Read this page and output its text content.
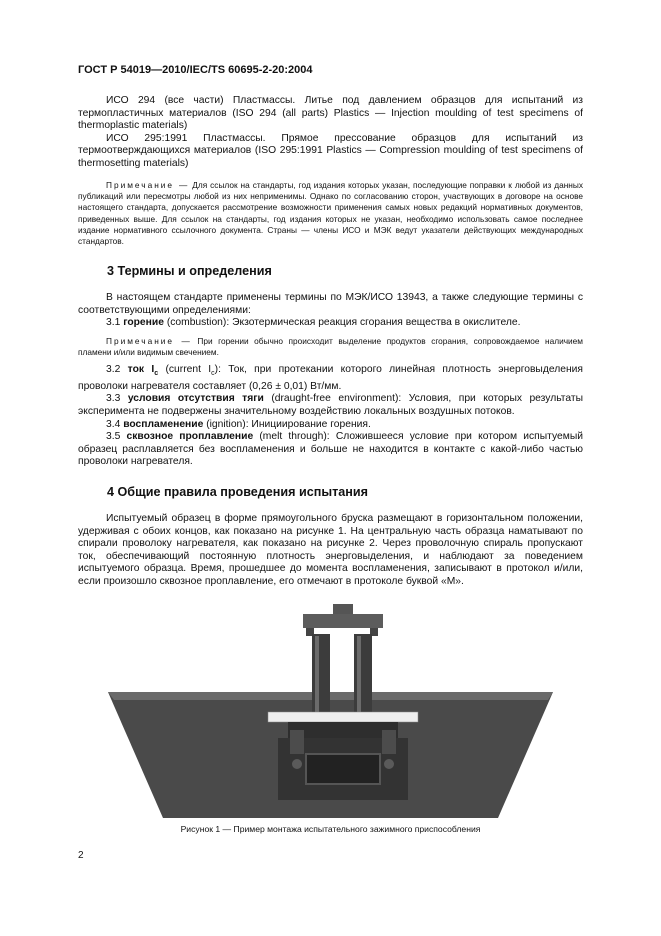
ГОСТ Р 54019—2010/IEC/TS 60695-2-20:2004

ИСО 294 (все части) Пластмассы. Литье под давлением образцов для испытаний из термопластичных материалов (ISO 294 (all parts) Plastics — Injection moulding of test specimens of thermoplastic materials)

ИСО 295:1991 Пластмассы. Прямое прессование образцов для испытаний из термоотверждающихся материалов (ISO 295:1991 Plastics — Compression moulding of test specimens of thermosetting materials)

Примечание — Для ссылок на стандарты, год издания которых указан, последующие поправки к любой из данных публикаций или пересмотры любой из них неприменимы. Однако по согласованию сторон, участвующих в договоре на основе настоящего стандарта, допускается рассмотрение возможности применения самых новых редакций нормативных документов, приведенных выше. Для ссылок на стандарты, год издания которых не указан, необходимо использовать самое последнее издание нормативного ссылочного документа. Страны — члены ИСО и МЭК ведут указатели действующих международных стандартов.

3 Термины и определения

В настоящем стандарте применены термины по МЭК/ИСО 13943, а также следующие термины с соответствующими определениями:

3.1 горение (combustion): Экзотермическая реакция сгорания вещества в окислителе.

Примечание — При горении обычно происходит выделение продуктов сгорания, сопровождаемое наличием пламени и/или видимым свечением.

3.2 ток $I_c$ (current $I_c$): Ток, при протекании которого линейная плотность энерговыделения проволоки нагревателя составляет (0,26 ± 0,01) Вт/мм.

3.3 условия отсутствия тяги (draught-free environment): Условия, при которых результаты эксперимента не подвержены значительному воздействию локальных воздушных потоков.

3.4 воспламенение (ignition): Инициирование горения.

3.5 сквозное проплавление (melt through): Сложившееся условие при котором испытуемый образец расплавляется без воспламенения и больше не находится в контакте с какой-либо частью проволоки нагревателя.

4 Общие правила проведения испытания

Испытуемый образец в форме прямоугольного бруска размещают в горизонтальном положении, удерживая с обоих концов, как показано на рисунке 1. На центральную часть образца наматывают по спирали проволоку нагревателя, как показано на рисунке 2. Через проволочную спираль пропускают ток, обеспечивающий постоянную плотность энерговыделения, и наблюдают за поведением испытуемого образца. Время, прошедшее до момента воспламенения, записывают в протокол и/или, если произошло сквозное проплавление, его отмечают в протоколе буквой «М».

Рисунок 1 — Пример монтажа испытательного зажимного приспособления
2
